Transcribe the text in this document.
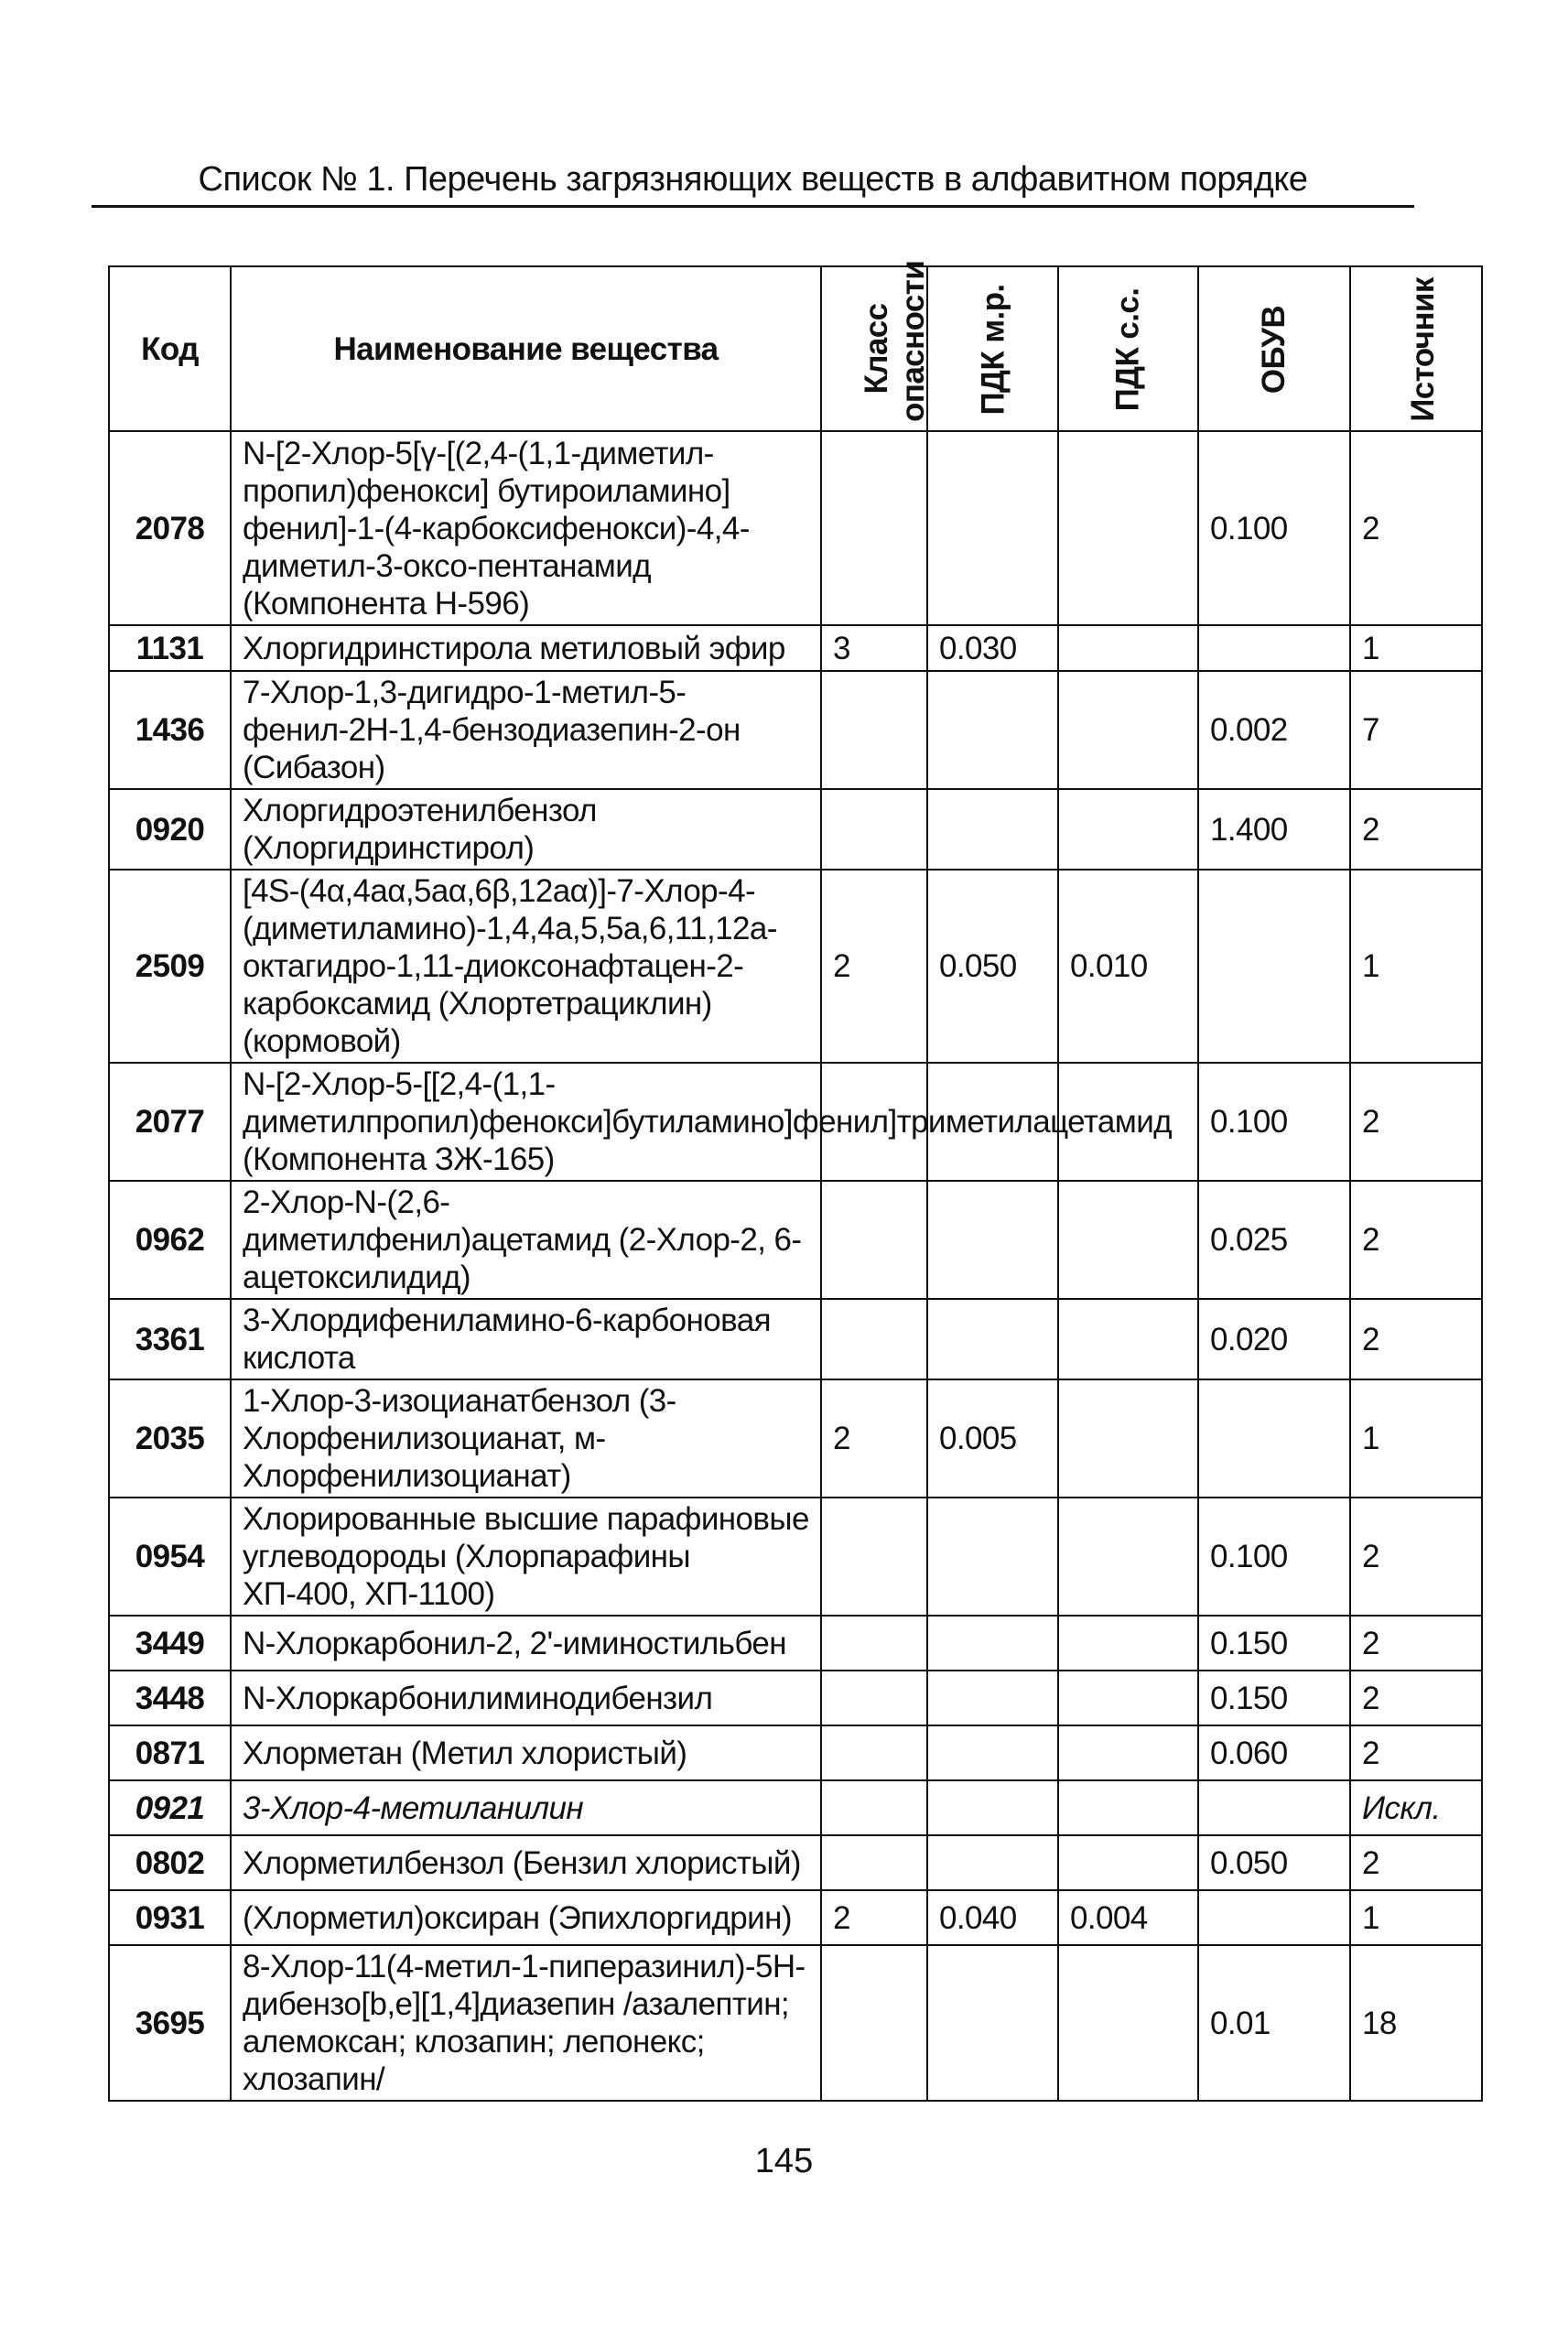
Список № 1. Перечень загрязняющих веществ в алфавитном порядке
Код	Наименование вещества	Класс опасности	ПДК м.р.	ПДК с.с.	ОБУВ	Источник
2078	N-[2-Хлор-5[γ-[(2,4-(1,1-диметил-пропил)фенокси] бутироиламино] фенил]-1-(4-карбоксифенокси)-4,4-диметил-3-оксо-пентанамид (Компонента Н-596)				0.100	2
1131	Хлоргидринстирола метиловый эфир	3	0.030			1
1436	7-Хлор-1,3-дигидро-1-метил-5-фенил-2Н-1,4-бензодиазепин-2-он (Сибазон)				0.002	7
0920	Хлоргидроэтенилбензол (Хлоргидринстирол)				1.400	2
2509	[4S-(4α,4aα,5aα,6β,12aα)]-7-Хлор-4-(диметиламино)-1,4,4a,5,5a,6,11,12a-октагидро-1,11-диоксонафтацен-2-карбоксамид (Хлортетрациклин) (кормовой)	2	0.050	0.010		1
2077	N-[2-Хлор-5-[[2,4-(1,1-диметилпропил)фенокси]бутиламино]фенил]триметилацетамид (Компонента ЗЖ-165)				0.100	2
0962	2-Хлор-N-(2,6-диметилфенил)ацетамид (2-Хлор-2, 6-ацетоксилидид)				0.025	2
3361	3-Хлордифениламино-6-карбоновая кислота				0.020	2
2035	1-Хлор-3-изоцианатбензол (3-Хлорфенилизоцианат, м-Хлорфенилизоцианат)	2	0.005			1
0954	Хлорированные высшие парафиновые углеводороды (Хлорпарафины ХП-400, ХП-1100)				0.100	2
3449	N-Хлоркарбонил-2, 2'-иминостильбен				0.150	2
3448	N-Хлоркарбонилиминодибензил				0.150	2
0871	Хлорметан (Метил хлористый)				0.060	2
0921	3-Хлор-4-метиланилин					Искл.
0802	Хлорметилбензол (Бензил хлористый)				0.050	2
0931	(Хлорметил)оксиран (Эпихлоргидрин)	2	0.040	0.004		1
3695	8-Хлор-11(4-метил-1-пиперазинил)-5Н-дибензо[b,e][1,4]диазепин /азалептин; алемоксан; клозапин; лепонекс; хлозапин/				0.01	18
145
